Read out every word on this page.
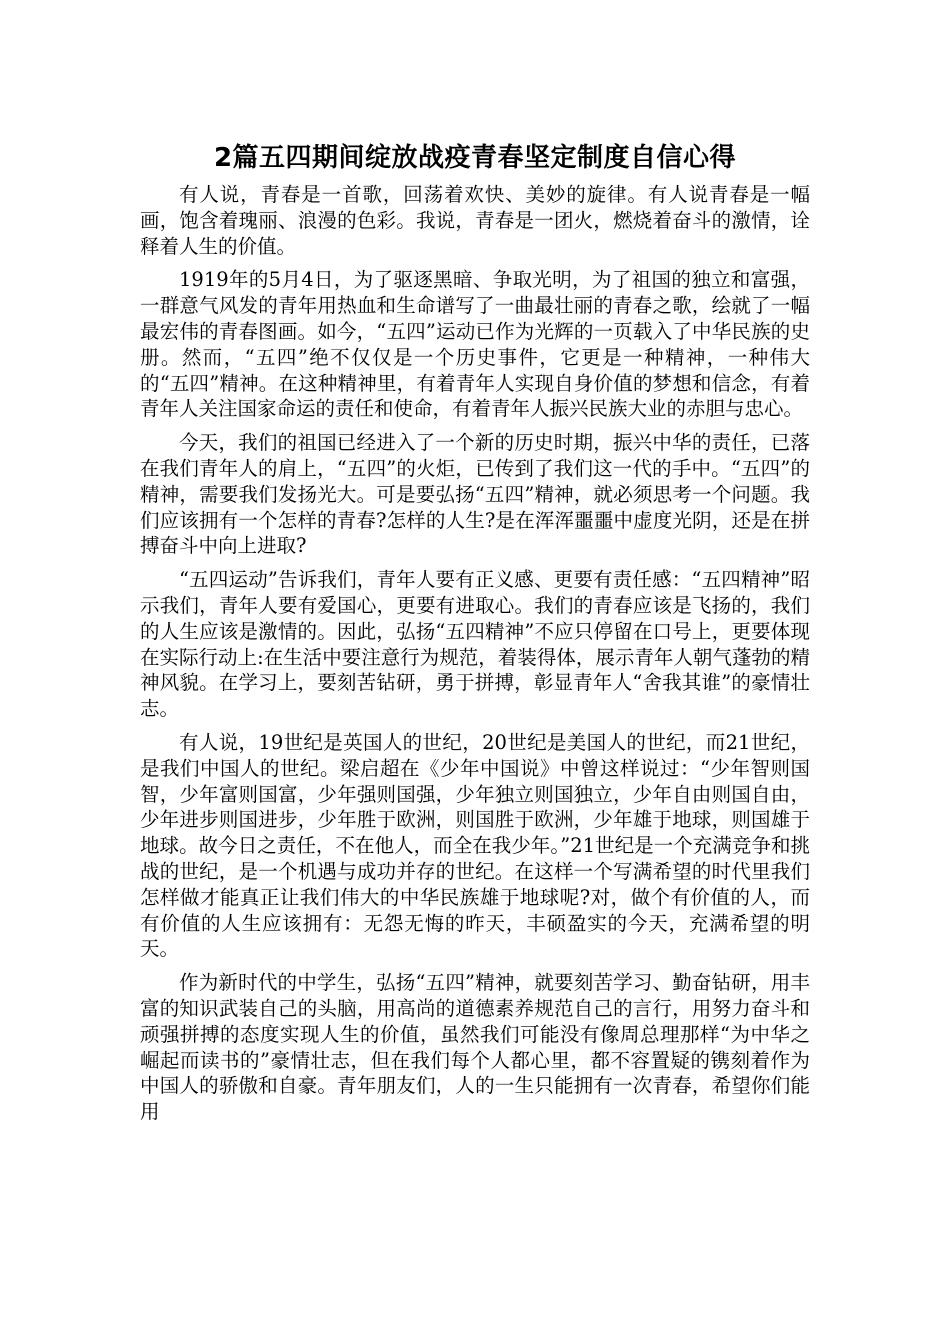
2篇五四期间绽放战疫青春坚定制度自信心得

有人说，青春是一首歌，回荡着欢快、美妙的旋律。有人说青春是一幅画，饱含着瑰丽、浪漫的色彩。我说，青春是一团火，燃烧着奋斗的激情，诠释着人生的价值。

1919年的5月4日，为了驱逐黑暗、争取光明，为了祖国的独立和富强，一群意气风发的青年用热血和生命谱写了一曲最壮丽的青春之歌，绘就了一幅最宏伟的青春图画。如今，“五四”运动已作为光辉的一页载入了中华民族的史册。然而，“五四”绝不仅仅是一个历史事件，它更是一种精神，一种伟大的“五四”精神。在这种精神里，有着青年人实现自身价值的梦想和信念，有着青年人关注国家命运的责任和使命，有着青年人振兴民族大业的赤胆与忠心。

今天，我们的祖国已经进入了一个新的历史时期，振兴中华的责任，已落在我们青年人的肩上，“五四”的火炬，已传到了我们这一代的手中。“五四”的精神，需要我们发扬光大。可是要弘扬“五四”精神，就必须思考一个问题。我们应该拥有一个怎样的青春?怎样的人生?是在浑浑噩噩中虚度光阴，还是在拼搏奋斗中向上进取?

“五四运动”告诉我们，青年人要有正义感、更要有责任感：“五四精神”昭示我们，青年人要有爱国心，更要有进取心。我们的青春应该是飞扬的，我们的人生应该是激情的。因此，弘扬“五四精神”不应只停留在口号上，更要体现在实际行动上:在生活中要注意行为规范，着装得体，展示青年人朝气蓬勃的精神风貌。在学习上，要刻苦钻研，勇于拼搏，彰显青年人“舍我其谁”的豪情壮志。

有人说，19世纪是英国人的世纪，20世纪是美国人的世纪，而21世纪，是我们中国人的世纪。梁启超在《少年中国说》中曾这样说过：“少年智则国智，少年富则国富，少年强则国强，少年独立则国独立，少年自由则国自由，少年进步则国进步，少年胜于欧洲，则国胜于欧洲，少年雄于地球，则国雄于地球。故今日之责任，不在他人，而全在我少年。”21世纪是一个充满竞争和挑战的世纪，是一个机遇与成功并存的世纪。在这样一个写满希望的时代里我们怎样做才能真正让我们伟大的中华民族雄于地球呢?对，做个有价值的人，而有价值的人生应该拥有：无怨无悔的昨天，丰硕盈实的今天，充满希望的明天。

作为新时代的中学生，弘扬“五四”精神，就要刻苦学习、勤奋钻研，用丰富的知识武装自己的头脑，用高尚的道德素养规范自己的言行，用努力奋斗和顽强拼搏的态度实现人生的价值，虽然我们可能没有像周总理那样“为中华之崛起而读书的”豪情壮志，但在我们每个人都心里，都不容置疑的镌刻着作为中国人的骄傲和自豪。青年朋友们，人的一生只能拥有一次青春，希望你们能用
